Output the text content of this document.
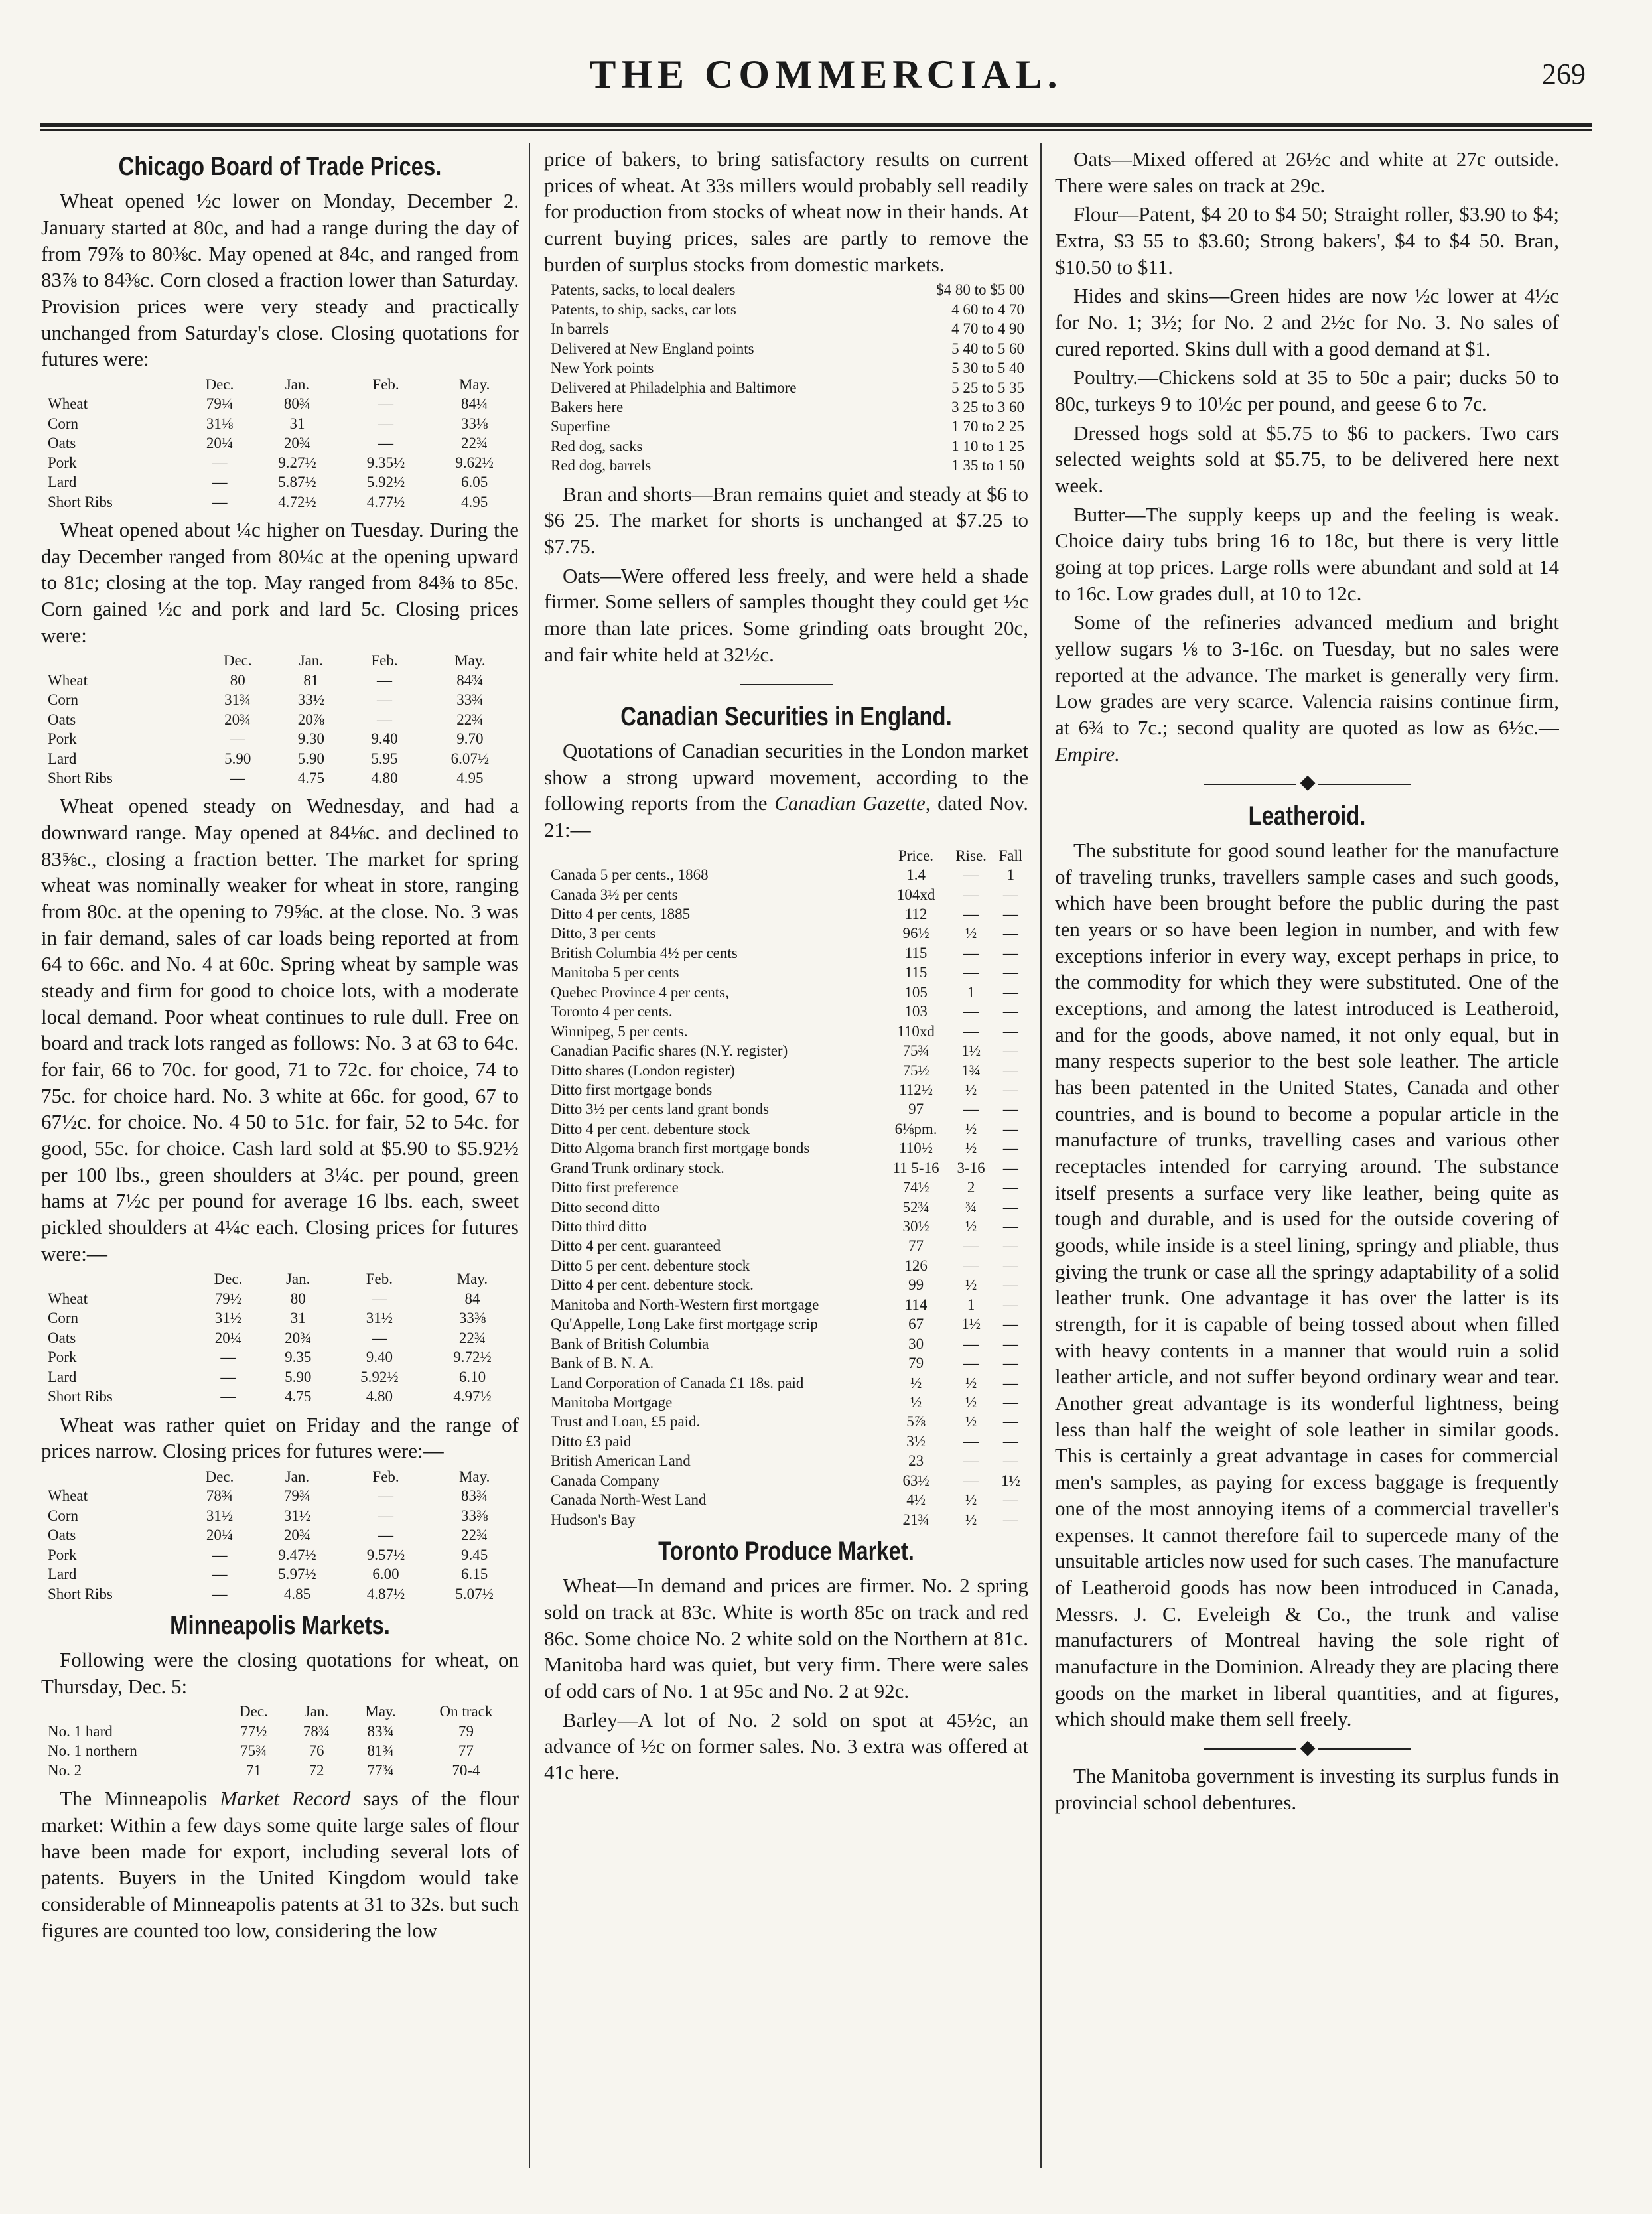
THE COMMERCIAL.	269
Chicago Board of Trade Prices.

Wheat opened ½c lower on Monday, December 2. January started at 80c, and had a range during the day of from 79⅞ to 80⅜c. May opened at 84c, and ranged from 83⅞ to 84⅜c. Corn closed a fraction lower than Saturday. Provision prices were very steady and practically unchanged from Saturday's close. Closing quotations for futures were:

	Dec.	Jan.	Feb.	May.
Wheat	79¼	80¾	—	84¼
Corn	31⅛	31	—	33⅛
Oats	20¼	20¾	—	22¾
Pork	—	9.27½	9.35½	9.62½
Lard	—	5.87½	5.92½	6.05
Short Ribs	—	4.72½	4.77½	4.95

Wheat opened about ¼c higher on Tuesday. During the day December ranged from 80¼c at the opening upward to 81c; closing at the top. May ranged from 84⅜ to 85c. Corn gained ½c and pork and lard 5c. Closing prices were:

	Dec.	Jan.	Feb.	May.
Wheat	80	81	—	84¾
Corn	31¾	33½	—	33¾
Oats	20¾	20⅞	—	22¾
Pork	—	9.30	9.40	9.70
Lard	5.90	5.90	5.95	6.07½
Short Ribs	—	4.75	4.80	4.95

Wheat opened steady on Wednesday, and had a downward range. May opened at 84⅛c. and declined to 83⅝c., closing a fraction better. The market for spring wheat was nominally weaker for wheat in store, ranging from 80c. at the opening to 79⅝c. at the close. No. 3 was in fair demand, sales of car loads being reported at from 64 to 66c. and No. 4 at 60c. Spring wheat by sample was steady and firm for good to choice lots, with a moderate local demand. Poor wheat continues to rule dull. Free on board and track lots ranged as follows: No. 3 at 63 to 64c. for fair, 66 to 70c. for good, 71 to 72c. for choice, 74 to 75c. for choice hard. No. 3 white at 66c. for good, 67 to 67½c. for choice. No. 4 50 to 51c. for fair, 52 to 54c. for good, 55c. for choice. Cash lard sold at $5.90 to $5.92½ per 100 lbs., green shoulders at 3¼c. per pound, green hams at 7½c per pound for average 16 lbs. each, sweet pickled shoulders at 4¼c each. Closing prices for futures were:—

	Dec.	Jan.	Feb.	May.
Wheat	79½	80	—	84
Corn	31½	31	31½	33⅜
Oats	20¼	20¾	—	22¾
Pork	—	9.35	9.40	9.72½
Lard	—	5.90	5.92½	6.10
Short Ribs	—	4.75	4.80	4.97½

Wheat was rather quiet on Friday and the range of prices narrow. Closing prices for futures were:—

	Dec.	Jan.	Feb.	May.
Wheat	78¾	79¾	—	83¾
Corn	31½	31½	—	33⅜
Oats	20¼	20¾	—	22¾
Pork	—	9.47½	9.57½	9.45
Lard	—	5.97½	6.00	6.15
Short Ribs	—	4.85	4.87½	5.07½
Minneapolis Markets.

Following were the closing quotations for wheat, on Thursday, Dec. 5:

	Dec.	Jan.	May.	On track
No. 1 hard	77½	78¾	83¾	79
No. 1 northern	75¾	76	81¾	77
No. 2	71	72	77¾	70-4

The Minneapolis Market Record says of the flour market: Within a few days some quite large sales of flour have been made for export, including several lots of patents. Buyers in the United Kingdom would take considerable of Minneapolis patents at 31 to 32s. but such figures are counted too low, considering the low

price of bakers, to bring satisfactory results on current prices of wheat. At 33s millers would probably sell readily for production from stocks of wheat now in their hands. At current buying prices, sales are partly to remove the burden of surplus stocks from domestic markets.

Patents, sacks, to local dealers	$4 80 to $5 00
Patents, to ship, sacks, car lots	4 60 to 4 70
In barrels	4 70 to 4 90
Delivered at New England points	5 40 to 5 60
New York points	5 30 to 5 40
Delivered at Philadelphia and Baltimore	5 25 to 5 35
Bakers here	3 25 to 3 60
Superfine	1 70 to 2 25
Red dog, sacks	1 10 to 1 25
Red dog, barrels	1 35 to 1 50

Bran and shorts—Bran remains quiet and steady at $6 to $6 25. The market for shorts is unchanged at $7.25 to $7.75.

Oats—Were offered less freely, and were held a shade firmer. Some sellers of samples thought they could get ½c more than late prices. Some grinding oats brought 20c, and fair white held at 32½c.

Canadian Securities in England.

Quotations of Canadian securities in the London market show a strong upward movement, according to the following reports from the Canadian Gazette, dated Nov. 21:—

	Price.	Rise.	Fall
Canada 5 per cents., 1868	1.4	—	1
Canada 3½ per cents	104xd	—	—
Ditto 4 per cents, 1885	112	—	—
Ditto, 3 per cents	96½	½	—
British Columbia 4½ per cents	115	—	—
Manitoba 5 per cents	115	—	—
Quebec Province 4 per cents,	105	1	—
Toronto 4 per cents.	103	—	—
Winnipeg, 5 per cents.	110xd	—	—
Canadian Pacific shares (N.Y. register)	75¾	1½	—
Ditto shares (London register)	75½	1¾	—
Ditto first mortgage bonds	112½	½	—
Ditto 3½ per cents land grant bonds	97	—	—
Ditto 4 per cent. debenture stock	6⅛pm.	½	—
Ditto Algoma branch first mortgage bonds	110½	½	—
Grand Trunk ordinary stock.	11 5-16	3-16	—
Ditto first preference	74½	2	—
Ditto second ditto	52¾	¾	—
Ditto third ditto	30½	½	—
Ditto 4 per cent. guaranteed	77	—	—
Ditto 5 per cent. debenture stock	126	—	—
Ditto 4 per cent. debenture stock.	99	½	—
Manitoba and North-Western first mortgage	114	1	—
Qu'Appelle, Long Lake first mortgage scrip	67	1½	—
Bank of British Columbia	30	—	—
Bank of B. N. A.	79	—	—
Land Corporation of Canada £1 18s. paid	½	½	—
Manitoba Mortgage	½	½	—
Trust and Loan, £5 paid.	5⅞	½	—
Ditto £3 paid	3½	—	—
British American Land	23	—	—
Canada Company	63½	—	1½
Canada North-West Land	4½	½	—
Hudson's Bay	21¾	½	—
Toronto Produce Market.

Wheat—In demand and prices are firmer. No. 2 spring sold on track at 83c. White is worth 85c on track and red 86c. Some choice No. 2 white sold on the Northern at 81c. Manitoba hard was quiet, but very firm. There were sales of odd cars of No. 1 at 95c and No. 2 at 92c.

Barley—A lot of No. 2 sold on spot at 45½c, an advance of ½c on former sales. No. 3 extra was offered at 41c here.

Oats—Mixed offered at 26½c and white at 27c outside. There were sales on track at 29c.

Flour—Patent, $4 20 to $4 50; Straight roller, $3.90 to $4; Extra, $3 55 to $3.60; Strong bakers', $4 to $4 50. Bran, $10.50 to $11.

Hides and skins—Green hides are now ½c lower at 4½c for No. 1; 3½; for No. 2 and 2½c for No. 3. No sales of cured reported. Skins dull with a good demand at $1.

Poultry.—Chickens sold at 35 to 50c a pair; ducks 50 to 80c, turkeys 9 to 10½c per pound, and geese 6 to 7c.

Dressed hogs sold at $5.75 to $6 to packers. Two cars selected weights sold at $5.75, to be delivered here next week.

Butter—The supply keeps up and the feeling is weak. Choice dairy tubs bring 16 to 18c, but there is very little going at top prices. Large rolls were abundant and sold at 14 to 16c. Low grades dull, at 10 to 12c.

Some of the refineries advanced medium and bright yellow sugars ⅛ to 3-16c. on Tuesday, but no sales were reported at the advance. The market is generally very firm. Low grades are very scarce. Valencia raisins continue firm, at 6¾ to 7c.; second quality are quoted as low as 6½c.—Empire.

◆
Leatheroid.

The substitute for good sound leather for the manufacture of traveling trunks, travellers sample cases and such goods, which have been brought before the public during the past ten years or so have been legion in number, and with few exceptions inferior in every way, except perhaps in price, to the commodity for which they were substituted. One of the exceptions, and among the latest introduced is Leatheroid, and for the goods, above named, it not only equal, but in many respects superior to the best sole leather. The article has been patented in the United States, Canada and other countries, and is bound to become a popular article in the manufacture of trunks, travelling cases and various other receptacles intended for carrying around. The substance itself presents a surface very like leather, being quite as tough and durable, and is used for the outside covering of goods, while inside is a steel lining, springy and pliable, thus giving the trunk or case all the springy adaptability of a solid leather trunk. One advantage it has over the latter is its strength, for it is capable of being tossed about when filled with heavy contents in a manner that would ruin a solid leather article, and not suffer beyond ordinary wear and tear. Another great advantage is its wonderful lightness, being less than half the weight of sole leather in similar goods. This is certainly a great advantage in cases for commercial men's samples, as paying for excess baggage is frequently one of the most annoying items of a commercial traveller's expenses. It cannot therefore fail to supercede many of the unsuitable articles now used for such cases. The manufacture of Leatheroid goods has now been introduced in Canada, Messrs. J. C. Eveleigh & Co., the trunk and valise manufacturers of Montreal having the sole right of manufacture in the Dominion. Already they are placing there goods on the market in liberal quantities, and at figures, which should make them sell freely.

◆

The Manitoba government is investing its surplus funds in provincial school debentures.
